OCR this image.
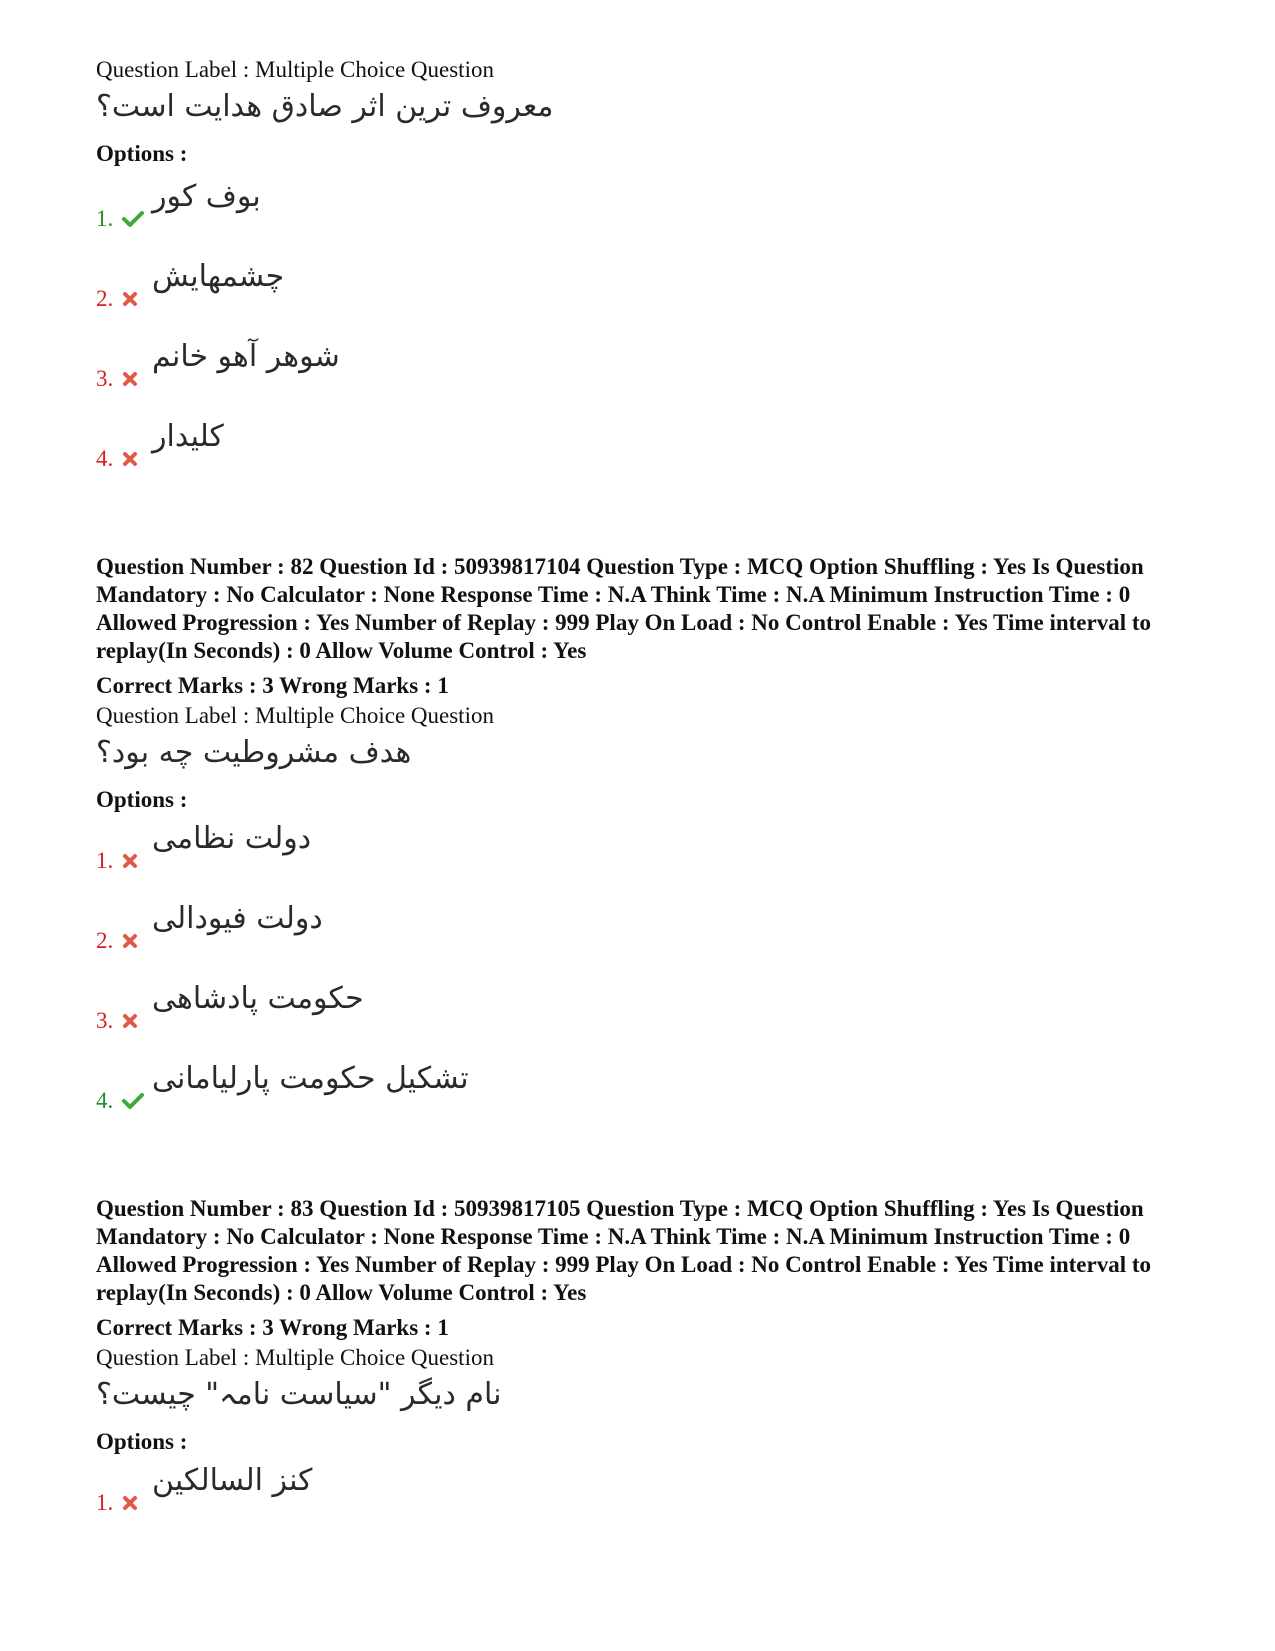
Question Label : Multiple Choice Question
معروف ترین اثر صادق هدایت است؟
Options :
1.
بوف کور
2.
چشمهایش
3.
شوهر آهو خانم
4.
کلیدار
Question Number : 82 Question Id : 50939817104 Question Type : MCQ Option Shuffling : Yes Is Question Mandatory : No Calculator : None Response Time : N.A Think Time : N.A Minimum Instruction Time : 0 Allowed Progression : Yes Number of Replay : 999 Play On Load : No Control Enable : Yes Time interval to replay(In Seconds) : 0 Allow Volume Control : Yes
Correct Marks : 3 Wrong Marks : 1
Question Label : Multiple Choice Question
هدف مشروطیت چه بود؟
Options :
1.
دولت نظامی
2.
دولت فیودالی
3.
حکومت پادشاهی
4.
تشکیل حکومت پارلیامانی
Question Number : 83 Question Id : 50939817105 Question Type : MCQ Option Shuffling : Yes Is Question Mandatory : No Calculator : None Response Time : N.A Think Time : N.A Minimum Instruction Time : 0 Allowed Progression : Yes Number of Replay : 999 Play On Load : No Control Enable : Yes Time interval to replay(In Seconds) : 0 Allow Volume Control : Yes
Correct Marks : 3 Wrong Marks : 1
Question Label : Multiple Choice Question
نام دیگر "سیاست نامہ" چیست؟
Options :
1.
کنز السالکین
